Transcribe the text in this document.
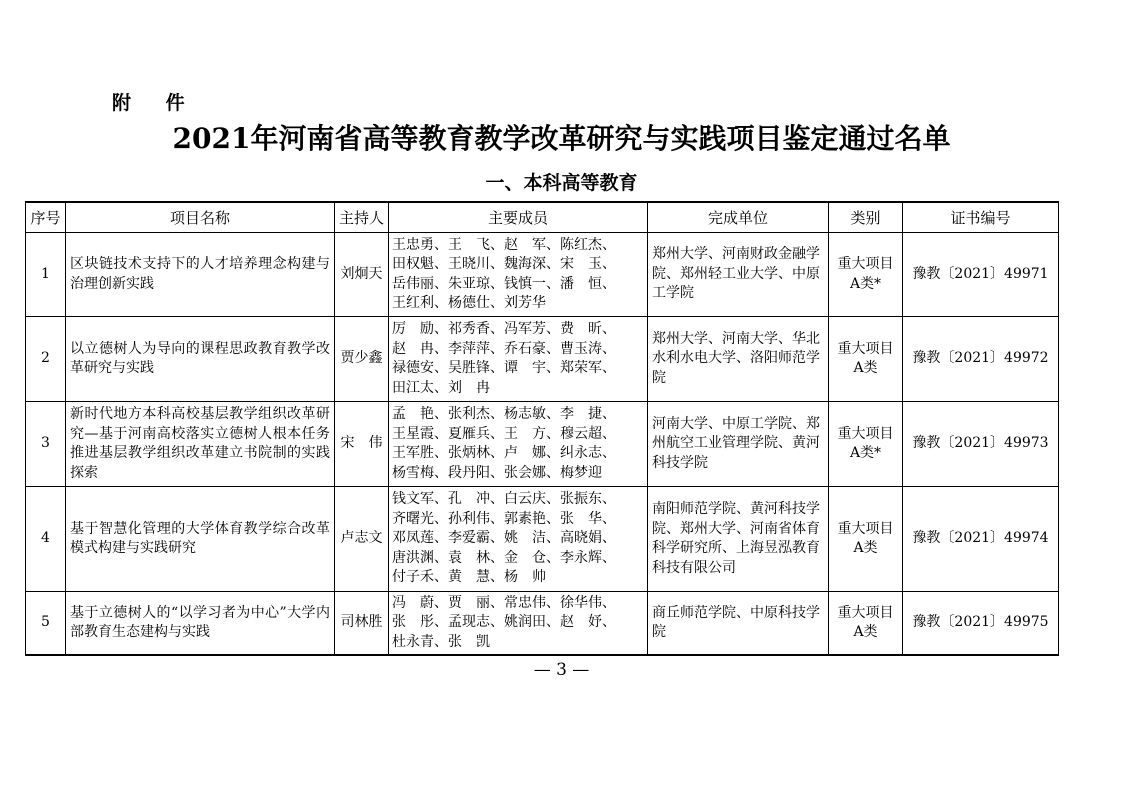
附 件
2021年河南省高等教育教学改革研究与实践项目鉴定通过名单
一、本科高等教育
序号	项目名称	主持人	主要成员	完成单位	类别	证书编号
1	区块链技术支持下的人才培养理念构建与治理创新实践	刘炯天	王忠勇、王　飞、赵　军、陈红杰、
田权魁、王晓川、魏海深、宋　玉、
岳伟丽、朱亚琼、钱慎一、潘　恒、
王红利、杨德仕、刘芳华	郑州大学、河南财政金融学院、郑州轻工业大学、中原工学院	重大项目A类*	豫教〔2021〕49971
2	以立德树人为导向的课程思政教育教学改革研究与实践	贾少鑫	厉　励、祁秀香、冯军芳、费　昕、
赵　冉、李萍萍、乔石豪、曹玉涛、
禄德安、吴胜锋、谭　宇、郑荣军、
田江太、刘　冉	郑州大学、河南大学、华北水利水电大学、洛阳师范学院	重大项目A类	豫教〔2021〕49972
3	新时代地方本科高校基层教学组织改革研究—基于河南高校落实立德树人根本任务推进基层教学组织改革建立书院制的实践探索	宋　伟	孟　艳、张利杰、杨志敏、李　捷、
王星霞、夏雁兵、王　方、穆云超、
王军胜、张炳林、卢　娜、纠永志、
杨雪梅、段丹阳、张会娜、梅梦迎	河南大学、中原工学院、郑州航空工业管理学院、黄河科技学院	重大项目A类*	豫教〔2021〕49973
4	基于智慧化管理的大学体育教学综合改革模式构建与实践研究	卢志文	钱文军、孔　冲、白云庆、张振东、
齐曙光、孙利伟、郭素艳、张　华、
邓凤莲、李爱霸、姚　洁、高晓娟、
唐洪渊、袁　林、金　仓、李永辉、
付子禾、黄　慧、杨　帅	南阳师范学院、黄河科技学院、郑州大学、河南省体育科学研究所、上海昱泓教育科技有限公司	重大项目A类	豫教〔2021〕49974
5	基于立德树人的“以学习者为中心”大学内部教育生态建构与实践	司林胜	冯　蔚、贾　丽、常忠伟、徐华伟、
张　彤、孟现志、姚润田、赵　妤、
杜永青、张　凯	商丘师范学院、中原科技学院	重大项目A类	豫教〔2021〕49975
— 3 —
